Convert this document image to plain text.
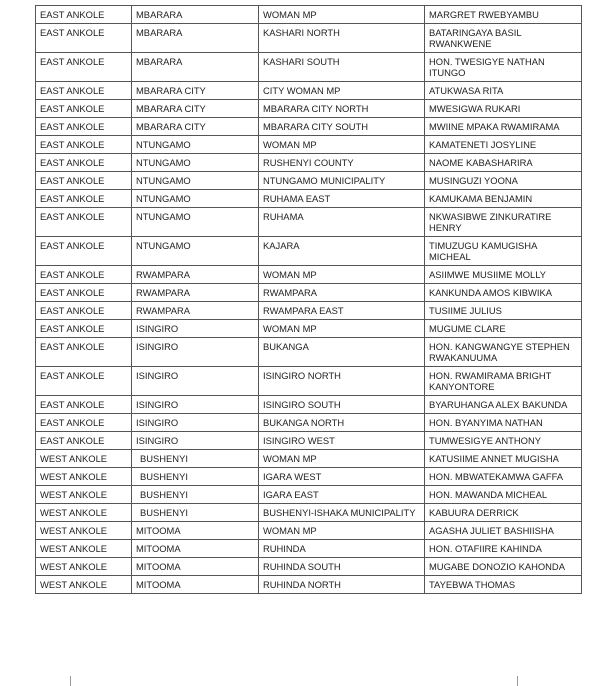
EAST ANKOLE	MBARARA	WOMAN MP	MARGRET RWEBYAMBU
EAST ANKOLE	MBARARA	KASHARI NORTH	BATARINGAYA BASIL RWANKWENE
EAST ANKOLE	MBARARA	KASHARI SOUTH	HON. TWESIGYE NATHAN ITUNGO
EAST ANKOLE	MBARARA CITY	CITY WOMAN MP	ATUKWASA RITA
EAST ANKOLE	MBARARA CITY	MBARARA CITY NORTH	MWESIGWA RUKARI
EAST ANKOLE	MBARARA CITY	MBARARA CITY SOUTH	MWIINE MPAKA RWAMIRAMA
EAST ANKOLE	NTUNGAMO	WOMAN MP	KAMATENETI JOSYLINE
EAST ANKOLE	NTUNGAMO	RUSHENYI COUNTY	NAOME KABASHARIRA
EAST ANKOLE	NTUNGAMO	NTUNGAMO MUNICIPALITY	MUSINGUZI YOONA
EAST ANKOLE	NTUNGAMO	RUHAMA EAST	KAMUKAMA BENJAMIN
EAST ANKOLE	NTUNGAMO	RUHAMA	NKWASIBWE ZINKURATIRE HENRY
EAST ANKOLE	NTUNGAMO	KAJARA	TIMUZUGU KAMUGISHA MICHEAL
EAST ANKOLE	RWAMPARA	WOMAN MP	ASIIMWE MUSIIME MOLLY
EAST ANKOLE	RWAMPARA	RWAMPARA	KANKUNDA AMOS KIBWIKA
EAST ANKOLE	RWAMPARA	RWAMPARA EAST	TUSIIME JULIUS
EAST ANKOLE	ISINGIRO	WOMAN MP	MUGUME CLARE
EAST ANKOLE	ISINGIRO	BUKANGA	HON. KANGWANGYE STEPHEN RWAKANUUMA
EAST ANKOLE	ISINGIRO	ISINGIRO NORTH	HON. RWAMIRAMA BRIGHT KANYONTORE
EAST ANKOLE	ISINGIRO	ISINGIRO SOUTH	BYARUHANGA ALEX BAKUNDA
EAST ANKOLE	ISINGIRO	BUKANGA NORTH	HON. BYANYIMA NATHAN
EAST ANKOLE	ISINGIRO	ISINGIRO WEST	TUMWESIGYE ANTHONY
WEST ANKOLE	BUSHENYI	WOMAN MP	KATUSIIME ANNET MUGISHA
WEST ANKOLE	BUSHENYI	IGARA WEST	HON. MBWATEKAMWA GAFFA
WEST ANKOLE	BUSHENYI	IGARA EAST	HON. MAWANDA MICHEAL
WEST ANKOLE	BUSHENYI	BUSHENYI-ISHAKA MUNICIPALITY	KABUURA DERRICK
WEST ANKOLE	MITOOMA	WOMAN MP	AGASHA JULIET BASHIISHA
WEST ANKOLE	MITOOMA	RUHINDA	HON. OTAFIIRE KAHINDA
WEST ANKOLE	MITOOMA	RUHINDA SOUTH	MUGABE DONOZIO KAHONDA
WEST ANKOLE	MITOOMA	RUHINDA NORTH	TAYEBWA THOMAS
